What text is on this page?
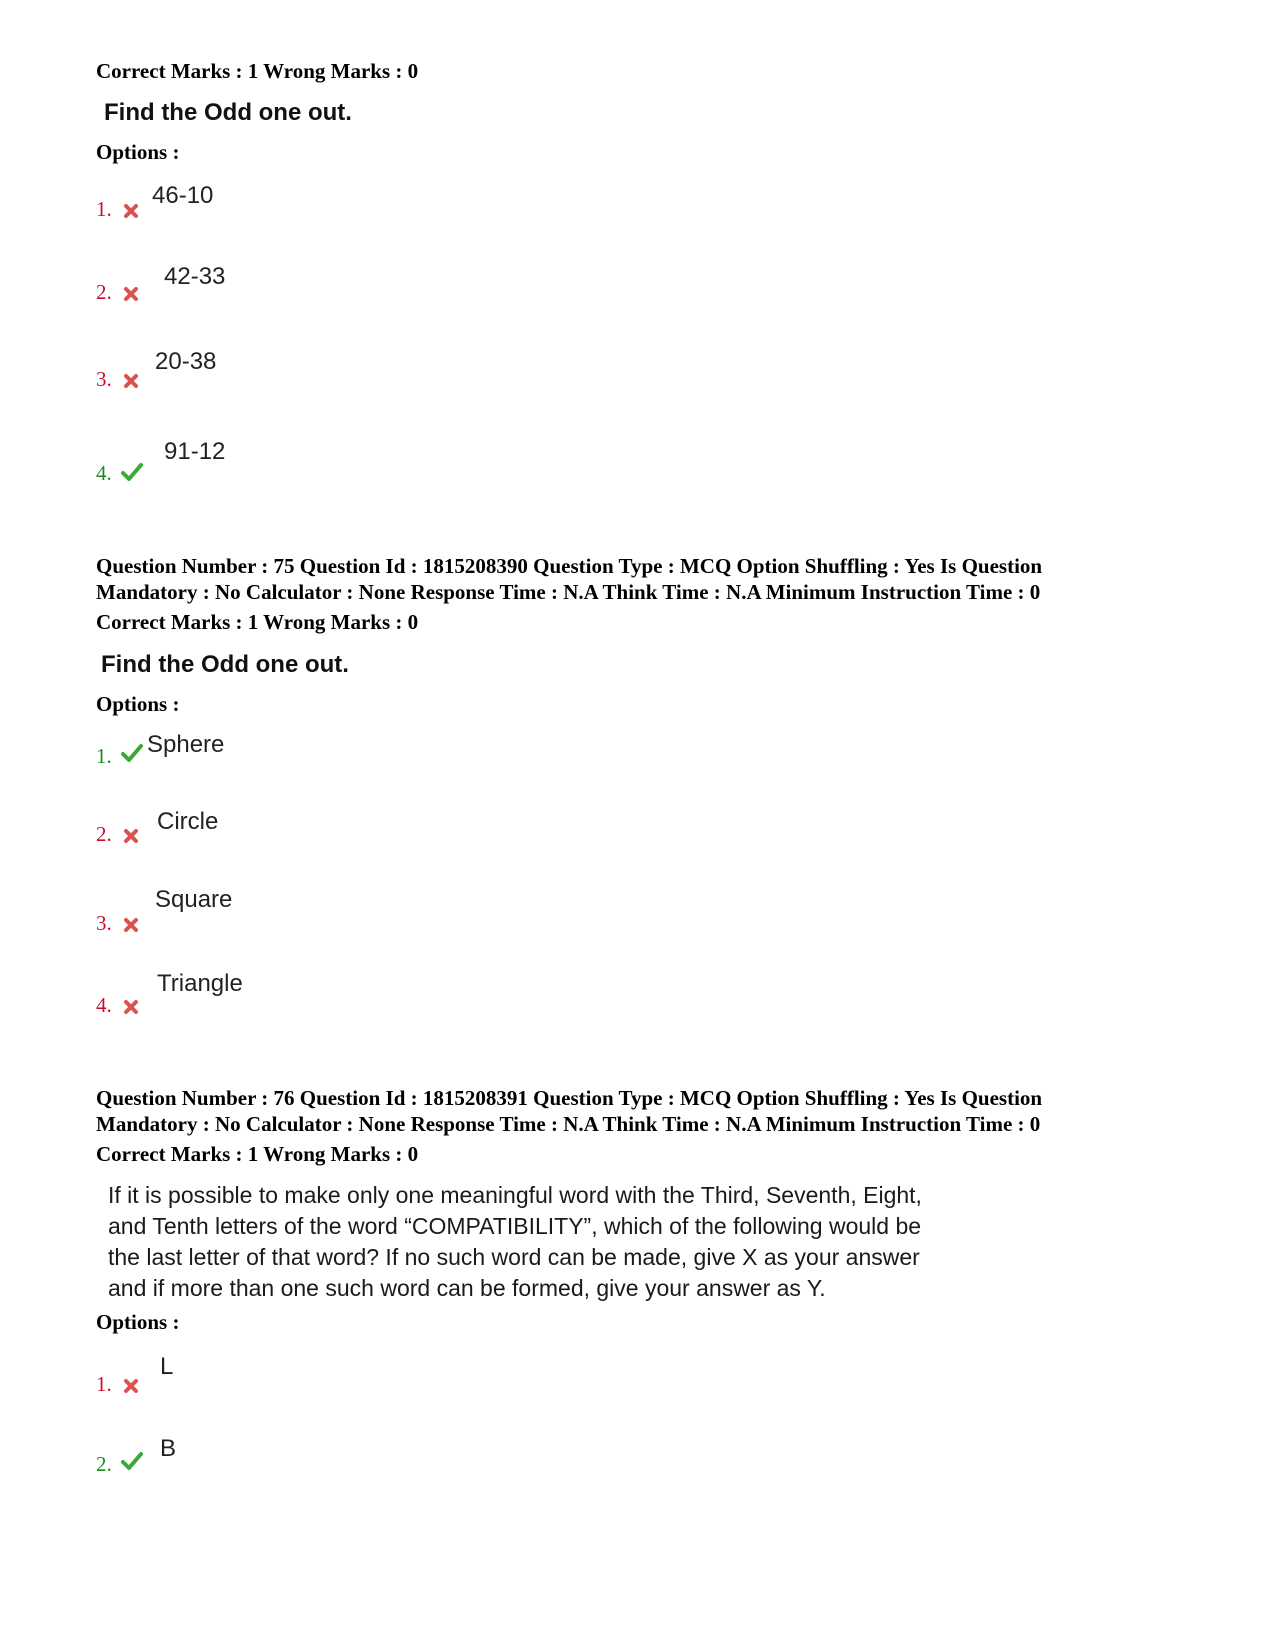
Correct Marks : 1 Wrong Marks : 0
Find the Odd one out.
Options :
1. 46-10
2.
42-33
3.
20-38
4.
91-12
Question Number : 75 Question Id : 1815208390 Question Type : MCQ Option Shuffling : Yes Is Question
Mandatory : No Calculator : None Response Time : N.A Think Time : N.A Minimum Instruction Time : 0
Correct Marks : 1 Wrong Marks : 0
Find the Odd one out.
Options :
1. Sphere
2. Circle
3.
Square
4.
Triangle
Question Number : 76 Question Id : 1815208391 Question Type : MCQ Option Shuffling : Yes Is Question
Mandatory : No Calculator : None Response Time : N.A Think Time : N.A Minimum Instruction Time : 0
Correct Marks : 1 Wrong Marks : 0
If it is possible to make only one meaningful word with the Third, Seventh, Eight,
and Tenth letters of the word “COMPATIBILITY”, which of the following would be
the last letter of that word? If no such word can be made, give X as your answer
and if more than one such word can be formed, give your answer as Y.
Options :
1.
L
2.
B
